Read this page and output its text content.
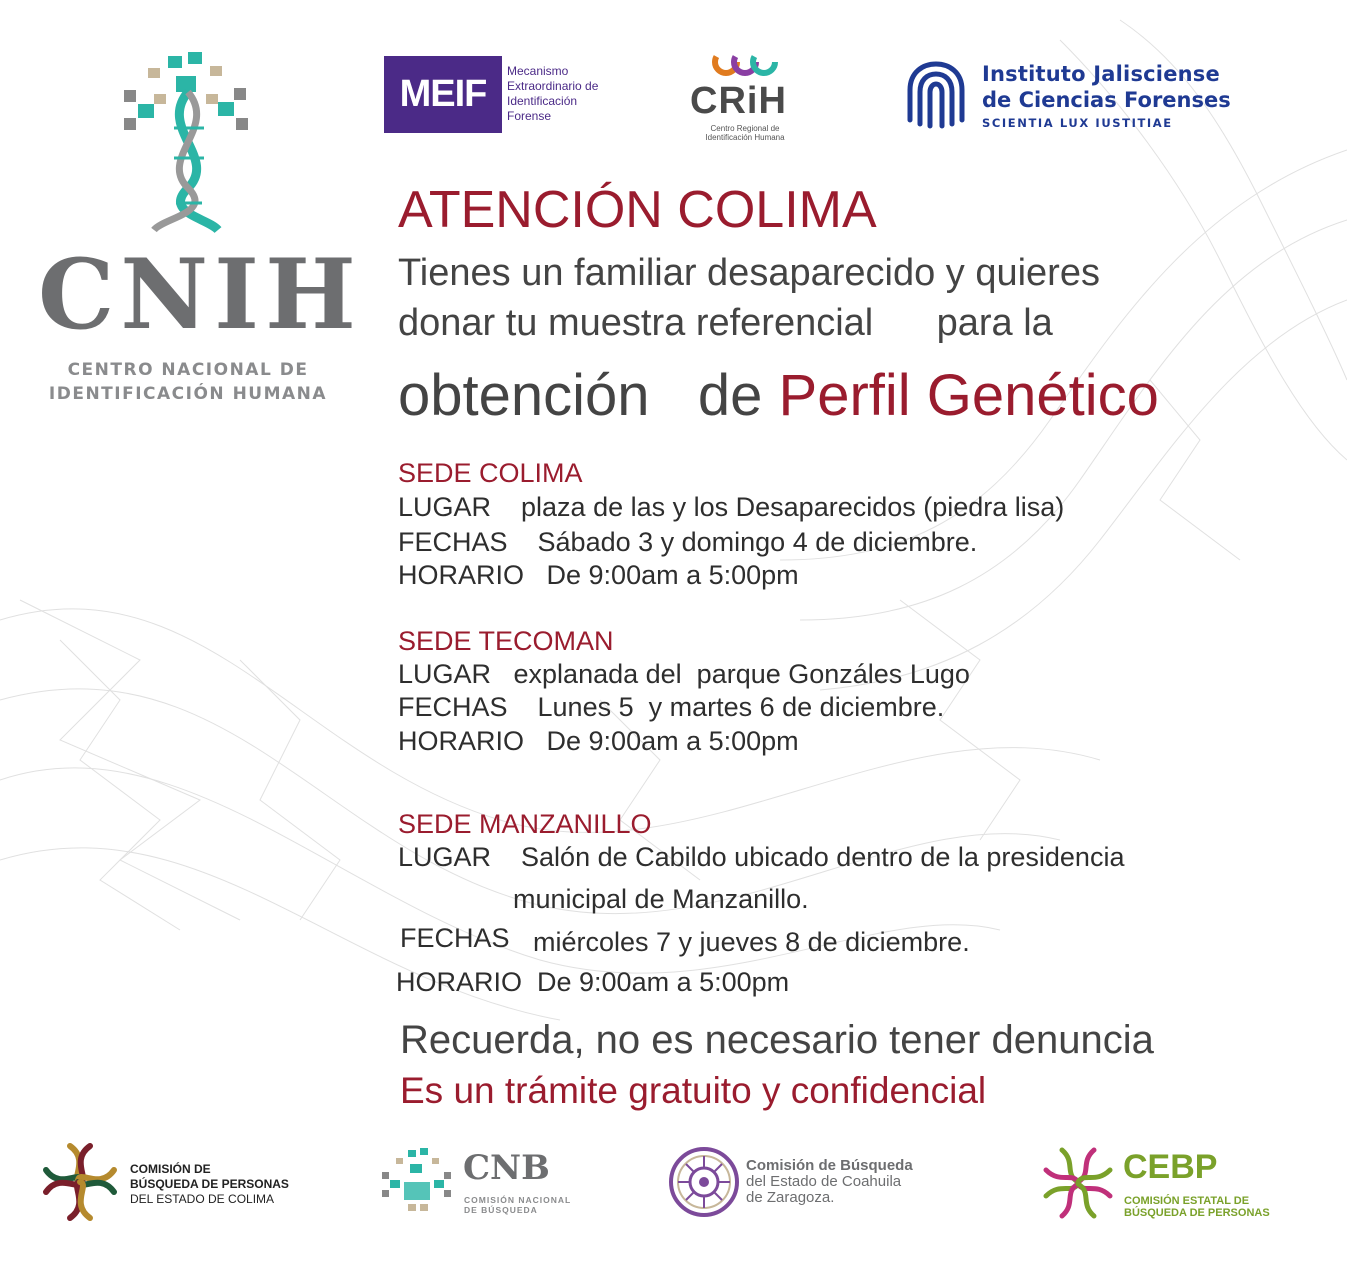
CNIH
CENTRO NACIONAL DE
IDENTIFICACIÓN HUMANA
MEIF
Mecanismo
Extraordinario de
Identificación
Forense	CRiH
Centro Regional de
Identificación Humana
Instituto Jalisciense
de Ciencias Forenses
SCIENTIA LUX IUSTITIAE
ATENCIÓN COLIMA
Tienes un familiar desaparecido y quieres
donar tu muestra referencial      para la
obtención   de Perfil Genético
SEDE COLIMA
LUGAR    plaza de las y los Desaparecidos (piedra lisa)
FECHAS    Sábado 3 y domingo 4 de diciembre.
HORARIO   De 9:00am a 5:00pm
SEDE TECOMAN
LUGAR   explanada del  parque Gonzáles Lugo
FECHAS    Lunes 5  y martes 6 de diciembre.
HORARIO   De 9:00am a 5:00pm
SEDE MANZANILLO
LUGAR    Salón de Cabildo ubicado dentro de la presidencia
municipal de Manzanillo.
FECHAS miércoles 7 y jueves 8 de diciembre.
HORARIO  De 9:00am a 5:00pm
Recuerda, no es necesario tener denuncia
Es un trámite gratuito y confidencial
COMISIÓN DE
BÚSQUEDA DE PERSONAS
DEL ESTADO DE COLIMA
CNB
COMISIÓN NACIONAL
DE BÚSQUEDA
Comisión de Búsqueda
del Estado de Coahuila
de Zaragoza.
CEBP
COMISIÓN ESTATAL DE
BÚSQUEDA DE PERSONAS
